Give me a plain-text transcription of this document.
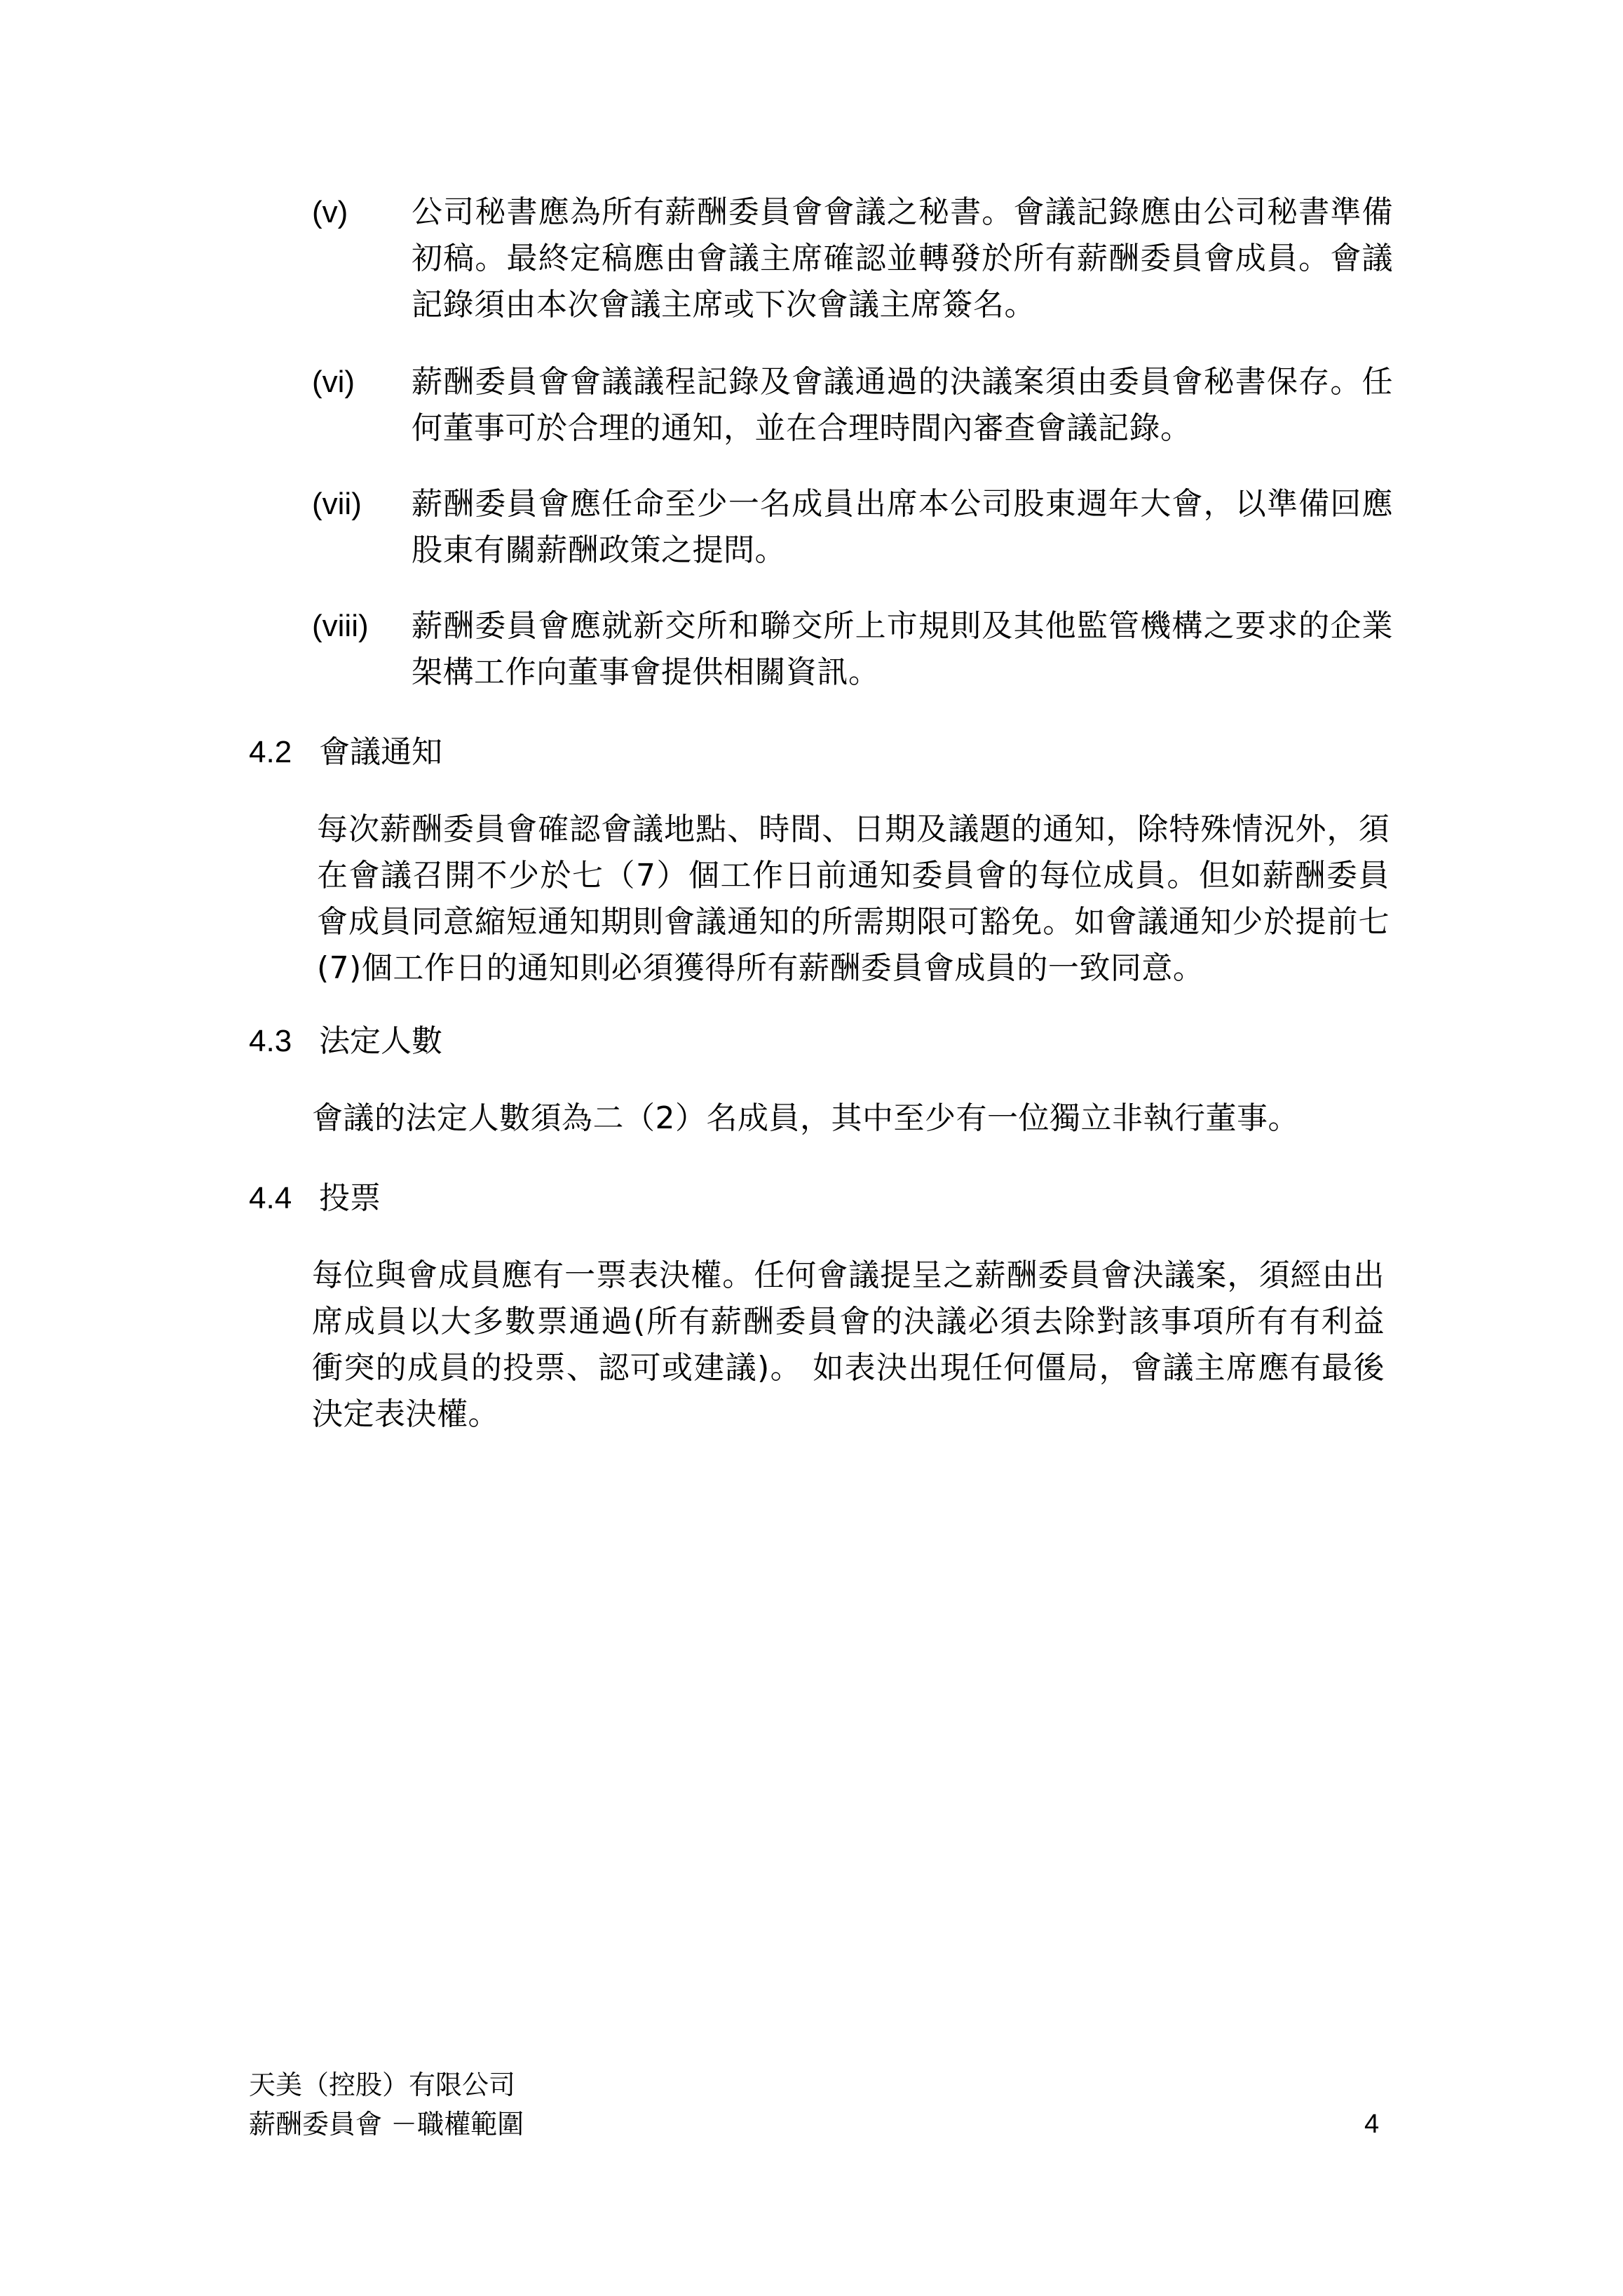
(v) 公司秘書應為所有薪酬委員會會議之秘書。會議記錄應由公司秘書準備初稿。最終定稿應由會議主席確認並轉發於所有薪酬委員會成員。會議記錄須由本次會議主席或下次會議主席簽名。
(vi) 薪酬委員會會議議程記錄及會議通過的決議案須由委員會秘書保存。任何董事可於合理的通知，並在合理時間內審查會議記錄。
(vii) 薪酬委員會應任命至少一名成員出席本公司股東週年大會，以準備回應股東有關薪酬政策之提問。
(viii) 薪酬委員會應就新交所和聯交所上市規則及其他監管機構之要求的企業架構工作向董事會提供相關資訊。
4.2 會議通知
每次薪酬委員會確認會議地點、時間、日期及議題的通知，除特殊情況外，須在會議召開不少於七（7）個工作日前通知委員會的每位成員。但如薪酬委員會成員同意縮短通知期則會議通知的所需期限可豁免。如會議通知少於提前七(7)個工作日的通知則必須獲得所有薪酬委員會成員的一致同意。
4.3 法定人數
會議的法定人數須為二（2）名成員，其中至少有一位獨立非執行董事。
4.4 投票
每位與會成員應有一票表決權。任何會議提呈之薪酬委員會決議案，須經由出席成員以大多數票通過(所有薪酬委員會的決議必須去除對該事項所有有利益衝突的成員的投票、認可或建議)。 如表決出現任何僵局，會議主席應有最後決定表決權。
天美（控股）有限公司
薪酬委員會 －職權範圍	4
